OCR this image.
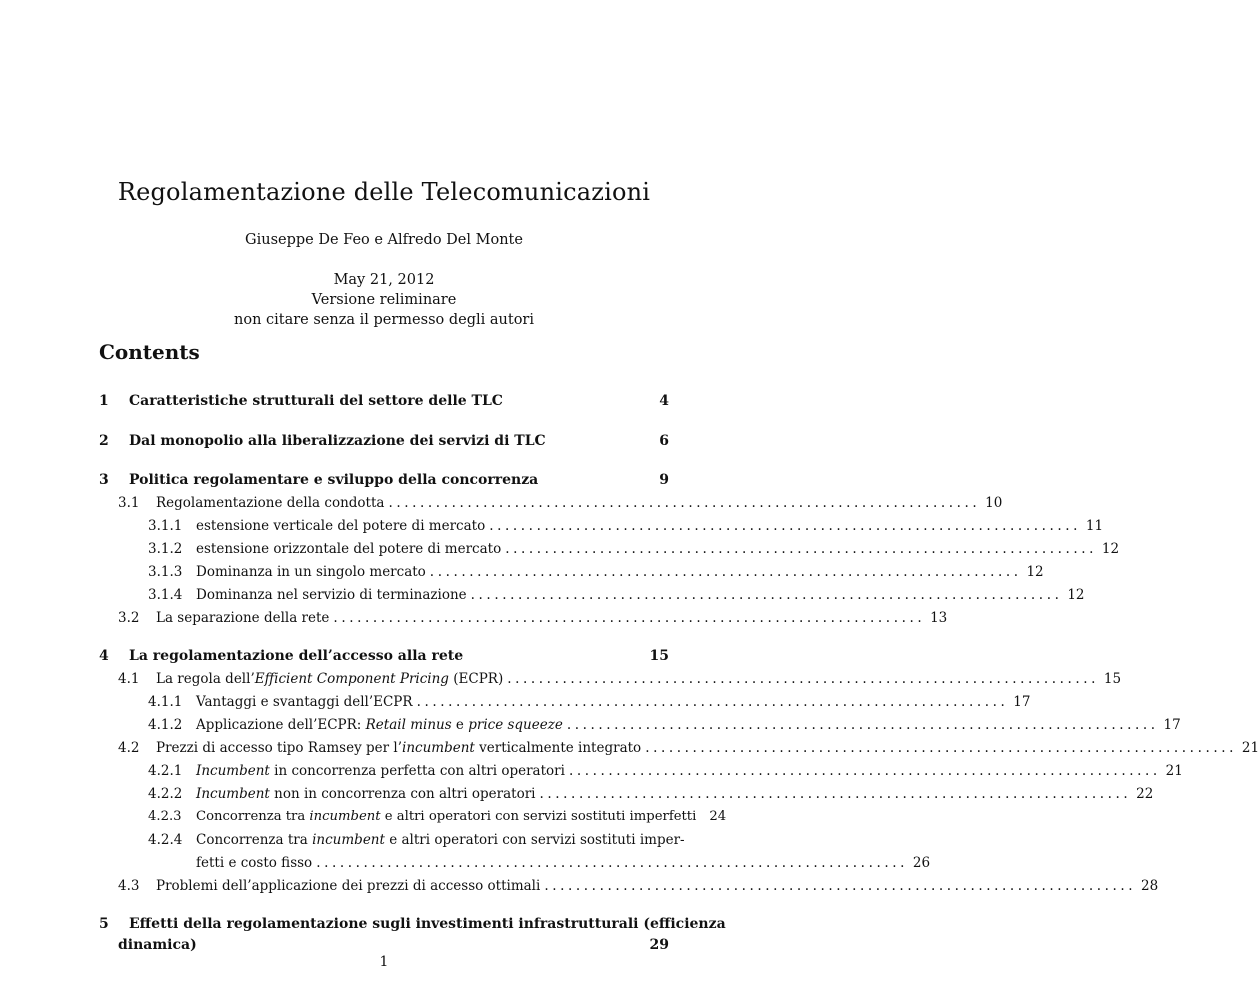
Regolamentazione delle Telecomunicazioni
Giuseppe De Feo e Alfredo Del Monte
May 21, 2012
Versione reliminare
non citare senza il permesso degli autori
Contents
1	Caratteristiche strutturali del settore delle TLC	4
2	Dal monopolio alla liberalizzazione dei servizi di TLC	6
3	Politica regolamentare e sviluppo della concorrenza	9
3.1	Regolamentazione della condotta ........................................................................... 10
3.1.1	estensione verticale del potere di mercato ........................................................................... 11
3.1.2	estensione orizzontale del potere di mercato ........................................................................... 12
3.1.3	Dominanza in un singolo mercato ........................................................................... 12
3.1.4	Dominanza nel servizio di terminazione ........................................................................... 12
3.2	La separazione della rete ........................................................................... 13
4	La regolamentazione dell’accesso alla rete	15
4.1	La regola dell’Efficient Component Pricing (ECPR) ........................................................................... 15
4.1.1	Vantaggi e svantaggi dell’ECPR ........................................................................... 17
4.1.2	Applicazione dell’ECPR: Retail minus e price squeeze ........................................................................... 17
4.2	Prezzi di accesso tipo Ramsey per l’incumbent verticalmente integrato ........................................................................... 21
4.2.1	Incumbent in concorrenza perfetta con altri operatori ........................................................................... 21
4.2.2	Incumbent non in concorrenza con altri operatori ........................................................................... 22
4.2.3	Concorrenza tra incumbent e altri operatori con servizi sostituti imperfetti 24
4.2.4	Concorrenza tra incumbent e altri operatori con servizi sostituti imper-
fetti e costo fisso ........................................................................... 26
4.3	Problemi dell’applicazione dei prezzi di accesso ottimali ........................................................................... 28
5	Effetti della regolamentazione sugli investimenti infrastrutturali (efficienza
dinamica)	29
1
